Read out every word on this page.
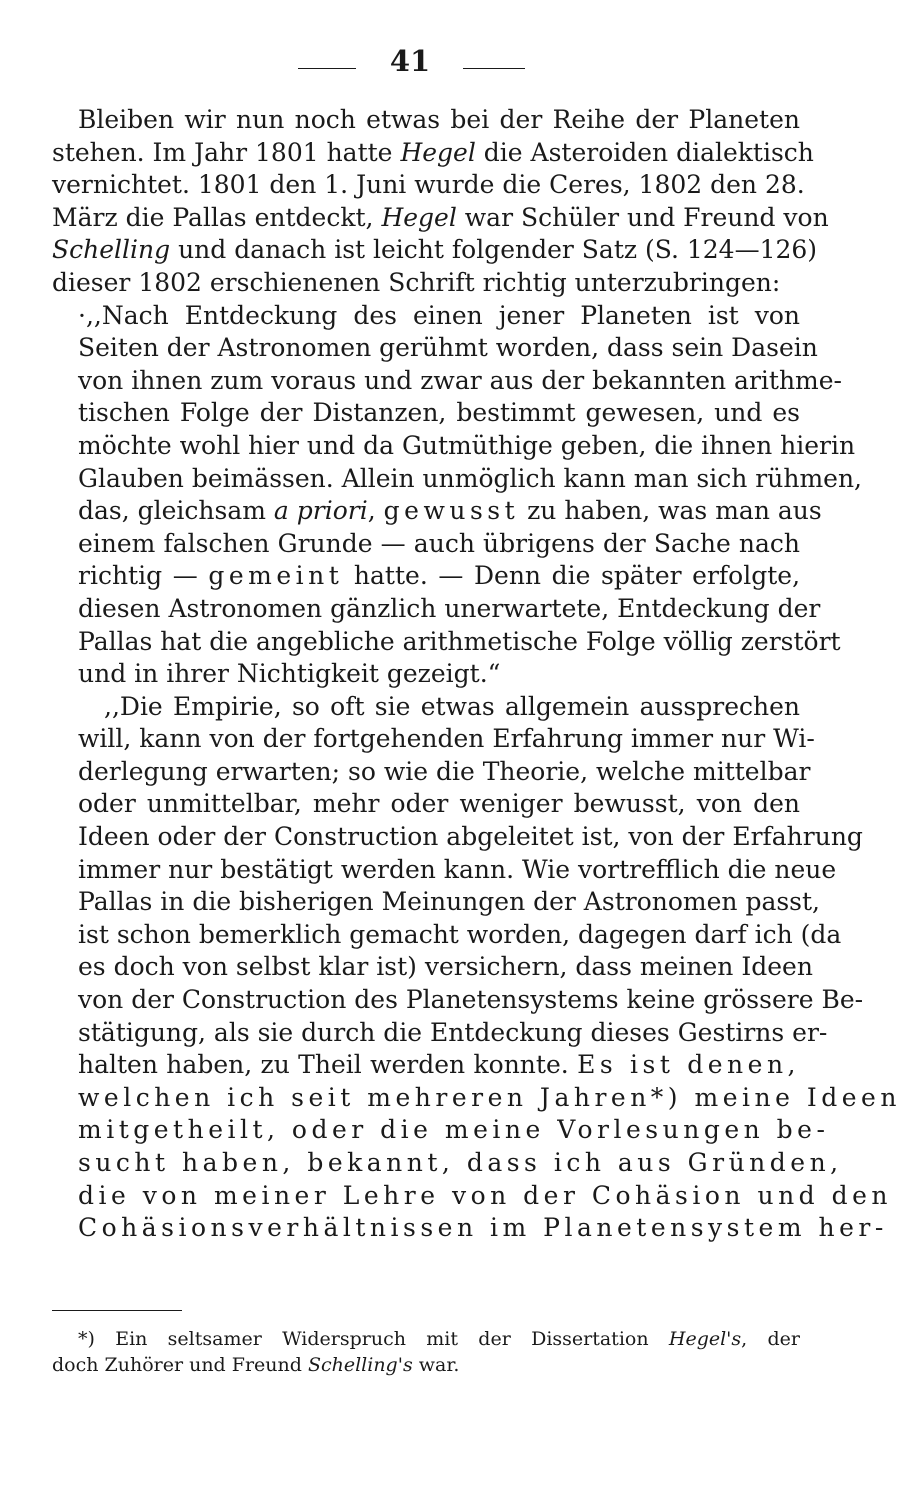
41
Bleiben wir nun noch etwas bei der Reihe der Planeten
stehen. Im Jahr 1801 hatte Hegel die Asteroiden dialektisch
vernichtet. 1801 den 1. Juni wurde die Ceres, 1802 den 28.
März die Pallas entdeckt, Hegel war Schüler und Freund von
Schelling und danach ist leicht folgender Satz (S. 124—126)
dieser 1802 erschienenen Schrift richtig unterzubringen:
·,,Nach Entdeckung des einen jener Planeten ist von
Seiten der Astronomen gerühmt worden, dass sein Dasein
von ihnen zum voraus und zwar aus der bekannten arithme-
tischen Folge der Distanzen, bestimmt gewesen, und es
möchte wohl hier und da Gutmüthige geben, die ihnen hierin
Glauben beimässen. Allein unmöglich kann man sich rühmen,
das, gleichsam a priori, gewusst zu haben, was man aus
einem falschen Grunde — auch übrigens der Sache nach
richtig — gemeint hatte. — Denn die später erfolgte,
diesen Astronomen gänzlich unerwartete, Entdeckung der
Pallas hat die angebliche arithmetische Folge völlig zerstört
und in ihrer Nichtigkeit gezeigt.“
,,Die Empirie, so oft sie etwas allgemein aussprechen
will, kann von der fortgehenden Erfahrung immer nur Wi-
derlegung erwarten; so wie die Theorie, welche mittelbar
oder unmittelbar, mehr oder weniger bewusst, von den
Ideen oder der Construction abgeleitet ist, von der Erfahrung
immer nur bestätigt werden kann. Wie vortrefflich die neue
Pallas in die bisherigen Meinungen der Astronomen passt,
ist schon bemerklich gemacht worden, dagegen darf ich (da
es doch von selbst klar ist) versichern, dass meinen Ideen
von der Construction des Planetensystems keine grössere Be-
stätigung, als sie durch die Entdeckung dieses Gestirns er-
halten haben, zu Theil werden konnte. Es ist denen,
welchen ich seit mehreren Jahren*) meine Ideen
mitgetheilt, oder die meine Vorlesungen be-
sucht haben, bekannt, dass ich aus Gründen,
die von meiner Lehre von der Cohäsion und den
Cohäsionsverhältnissen im Planetensystem her-
*) Ein seltsamer Widerspruch mit der Dissertation Hegel's, der
doch Zuhörer und Freund Schelling's war.
